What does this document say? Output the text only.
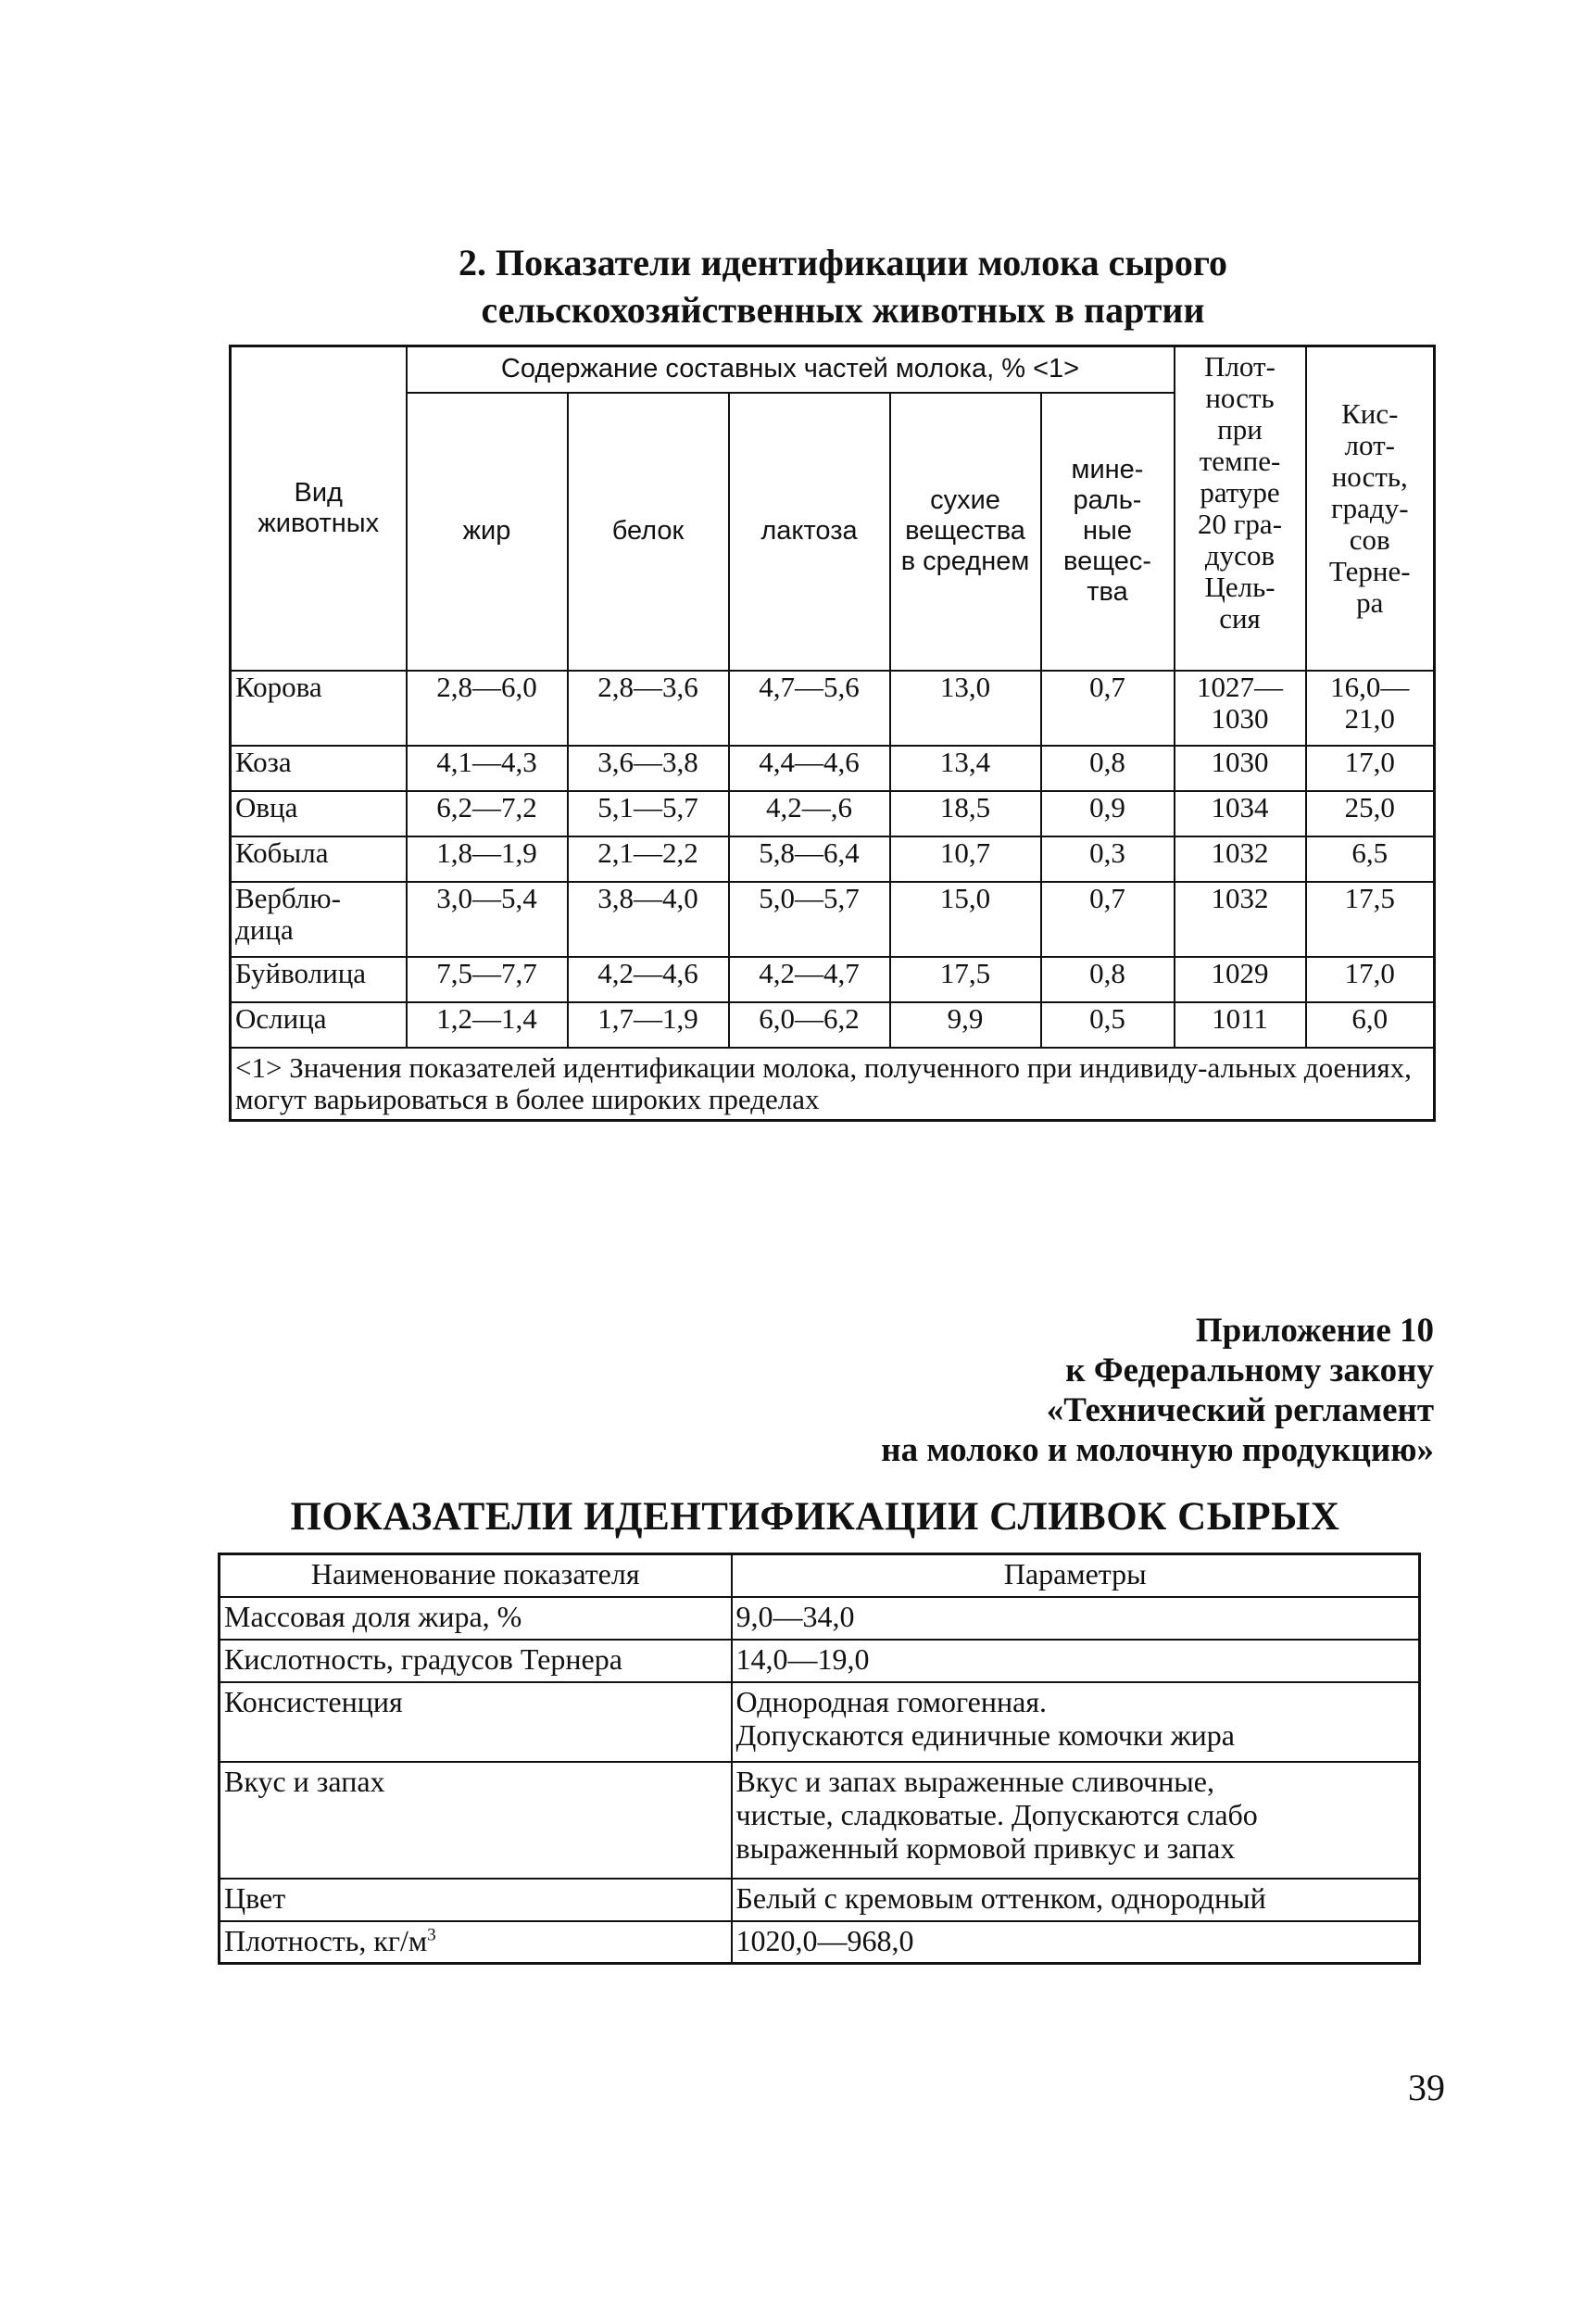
2. Показатели идентификации молока сырого
сельскохозяйственных животных в партии
Вид животных	Содержание составных частей молока, % <1>					Плот-ность при темпе-ратуре 20 гра-дусов Цель-сия	Кис-лот-ность, граду-сов Терне-ра

	жир	белок	лактоза	сухие вещества в среднем	мине-раль-ные вещес-тва		

Корова	2,8—6,0	2,8—3,6	4,7—5,6	13,0	0,7	1027—1030	16,0—21,0

Коза	4,1—4,3	3,6—3,8	4,4—4,6	13,4	0,8	1030	17,0
Овца	6,2—7,2	5,1—5,7	4,2—,6	18,5	0,9	1034	25,0
Кобыла	1,8—1,9	2,1—2,2	5,8—6,4	10,7	0,3	1032	6,5

Верблю-дица	3,0—5,4	3,8—4,0	5,0—5,7	15,0	0,7	1032	17,5
Буйволица	7,5—7,7	4,2—4,6	4,2—4,7	17,5	0,8	1029	17,0
Ослица	1,2—1,4	1,7—1,9	6,0—6,2	9,9	0,5	1011	6,0
<1> Значения показателей идентификации молока, полученного при индивиду-альных доениях, могут варьироваться в более широких пределах							
Приложение 10
к Федеральному закону
«Технический регламент
на молоко и молочную продукцию»
ПОКАЗАТЕЛИ ИДЕНТИФИКАЦИИ СЛИВОК СЫРЫХ
Наименование показателя	Параметры
Массовая доля жира, %	9,0—34,0
Кислотность, градусов Тернера	14,0—19,0
Консистенция	Однородная гомогенная.
Допускаются единичные комочки жира

Вкус и запах	Вкус и запах выраженные сливочные,
чистые, сладковатые. Допускаются слабо
выраженный кормовой привкус и запах

Цвет	Белый с кремовым оттенком, однородный
Плотность, $кг/м^3$	1020,0—968,0
39
